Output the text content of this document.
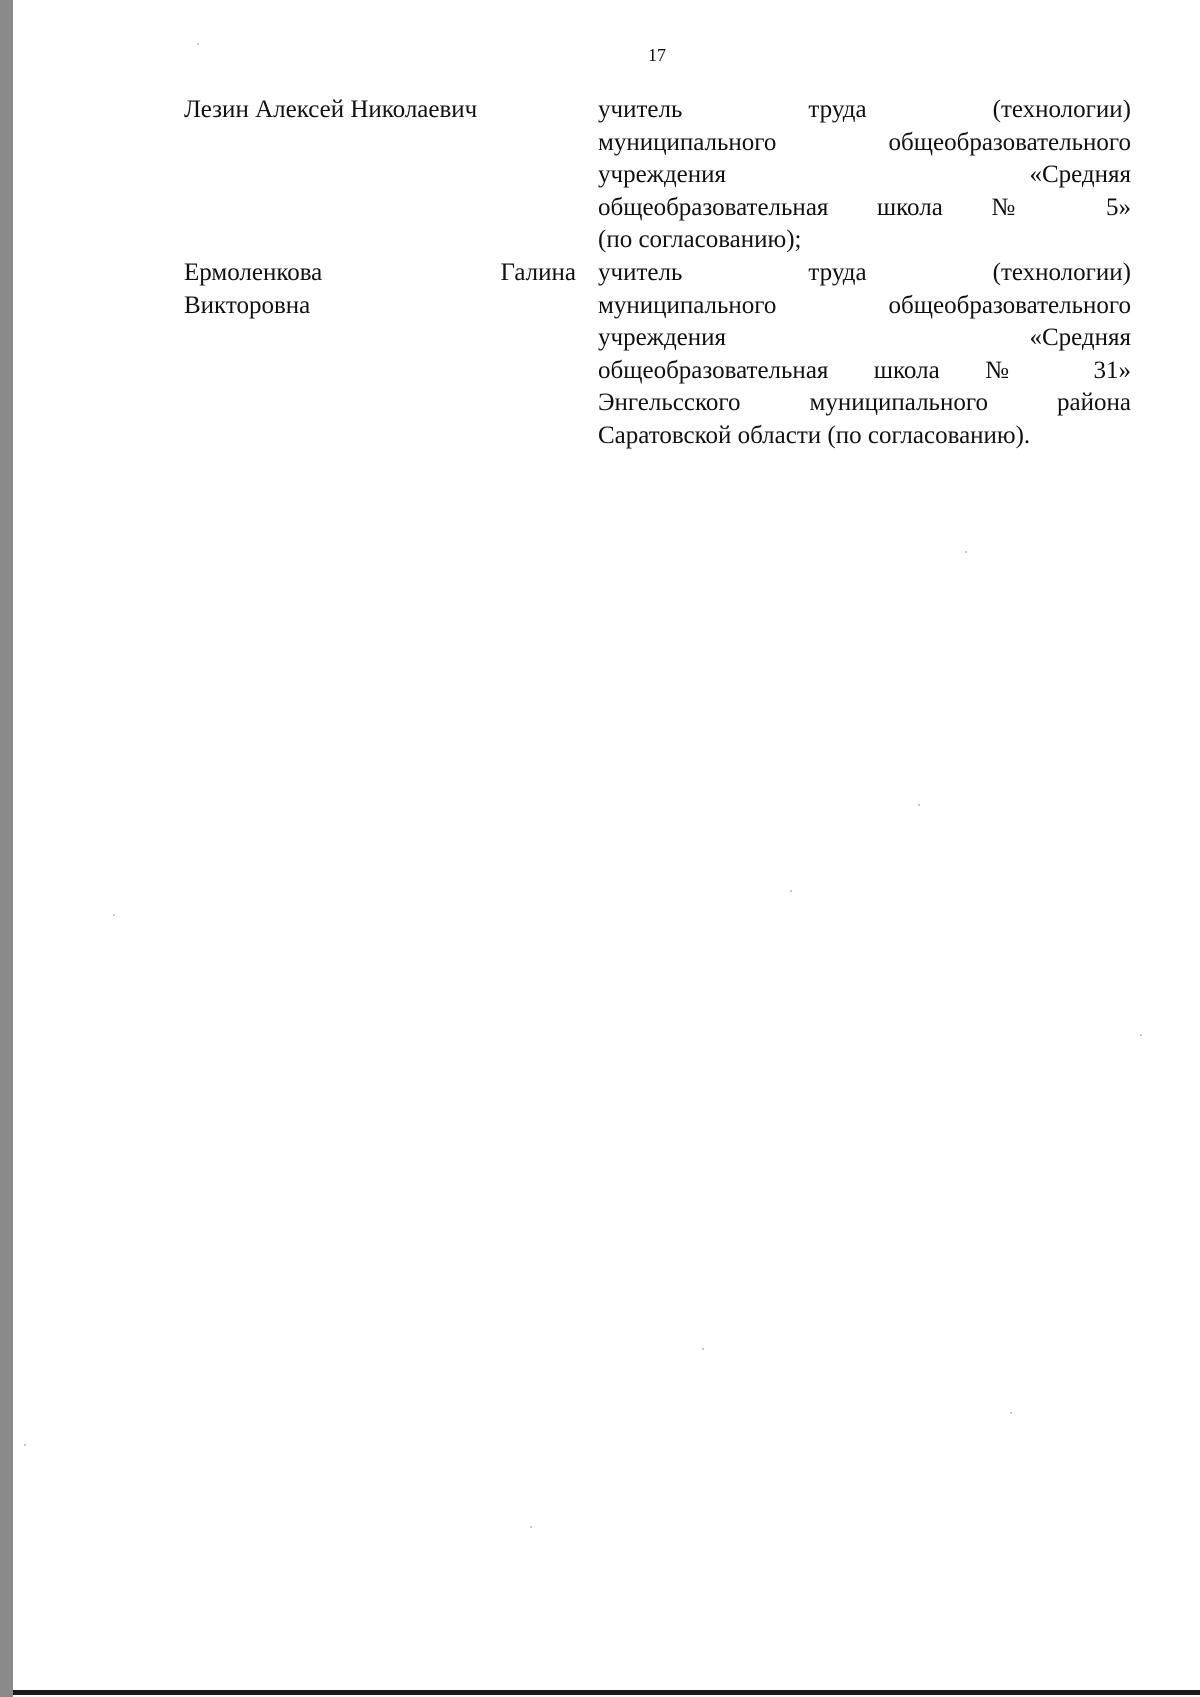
17
Лезин Алексей Николаевич	учитель труда (технологии)
муниципального общеобразовательного
учреждения «Средняя
общеобразовательная школа № 5»
(по согласованию);
Ермоленкова Галина
Викторовна
учитель труда (технологии)
муниципального общеобразовательного
учреждения «Средняя
общеобразовательная школа № 31»
Энгельсского муниципального района
Саратовской области (по согласованию).
